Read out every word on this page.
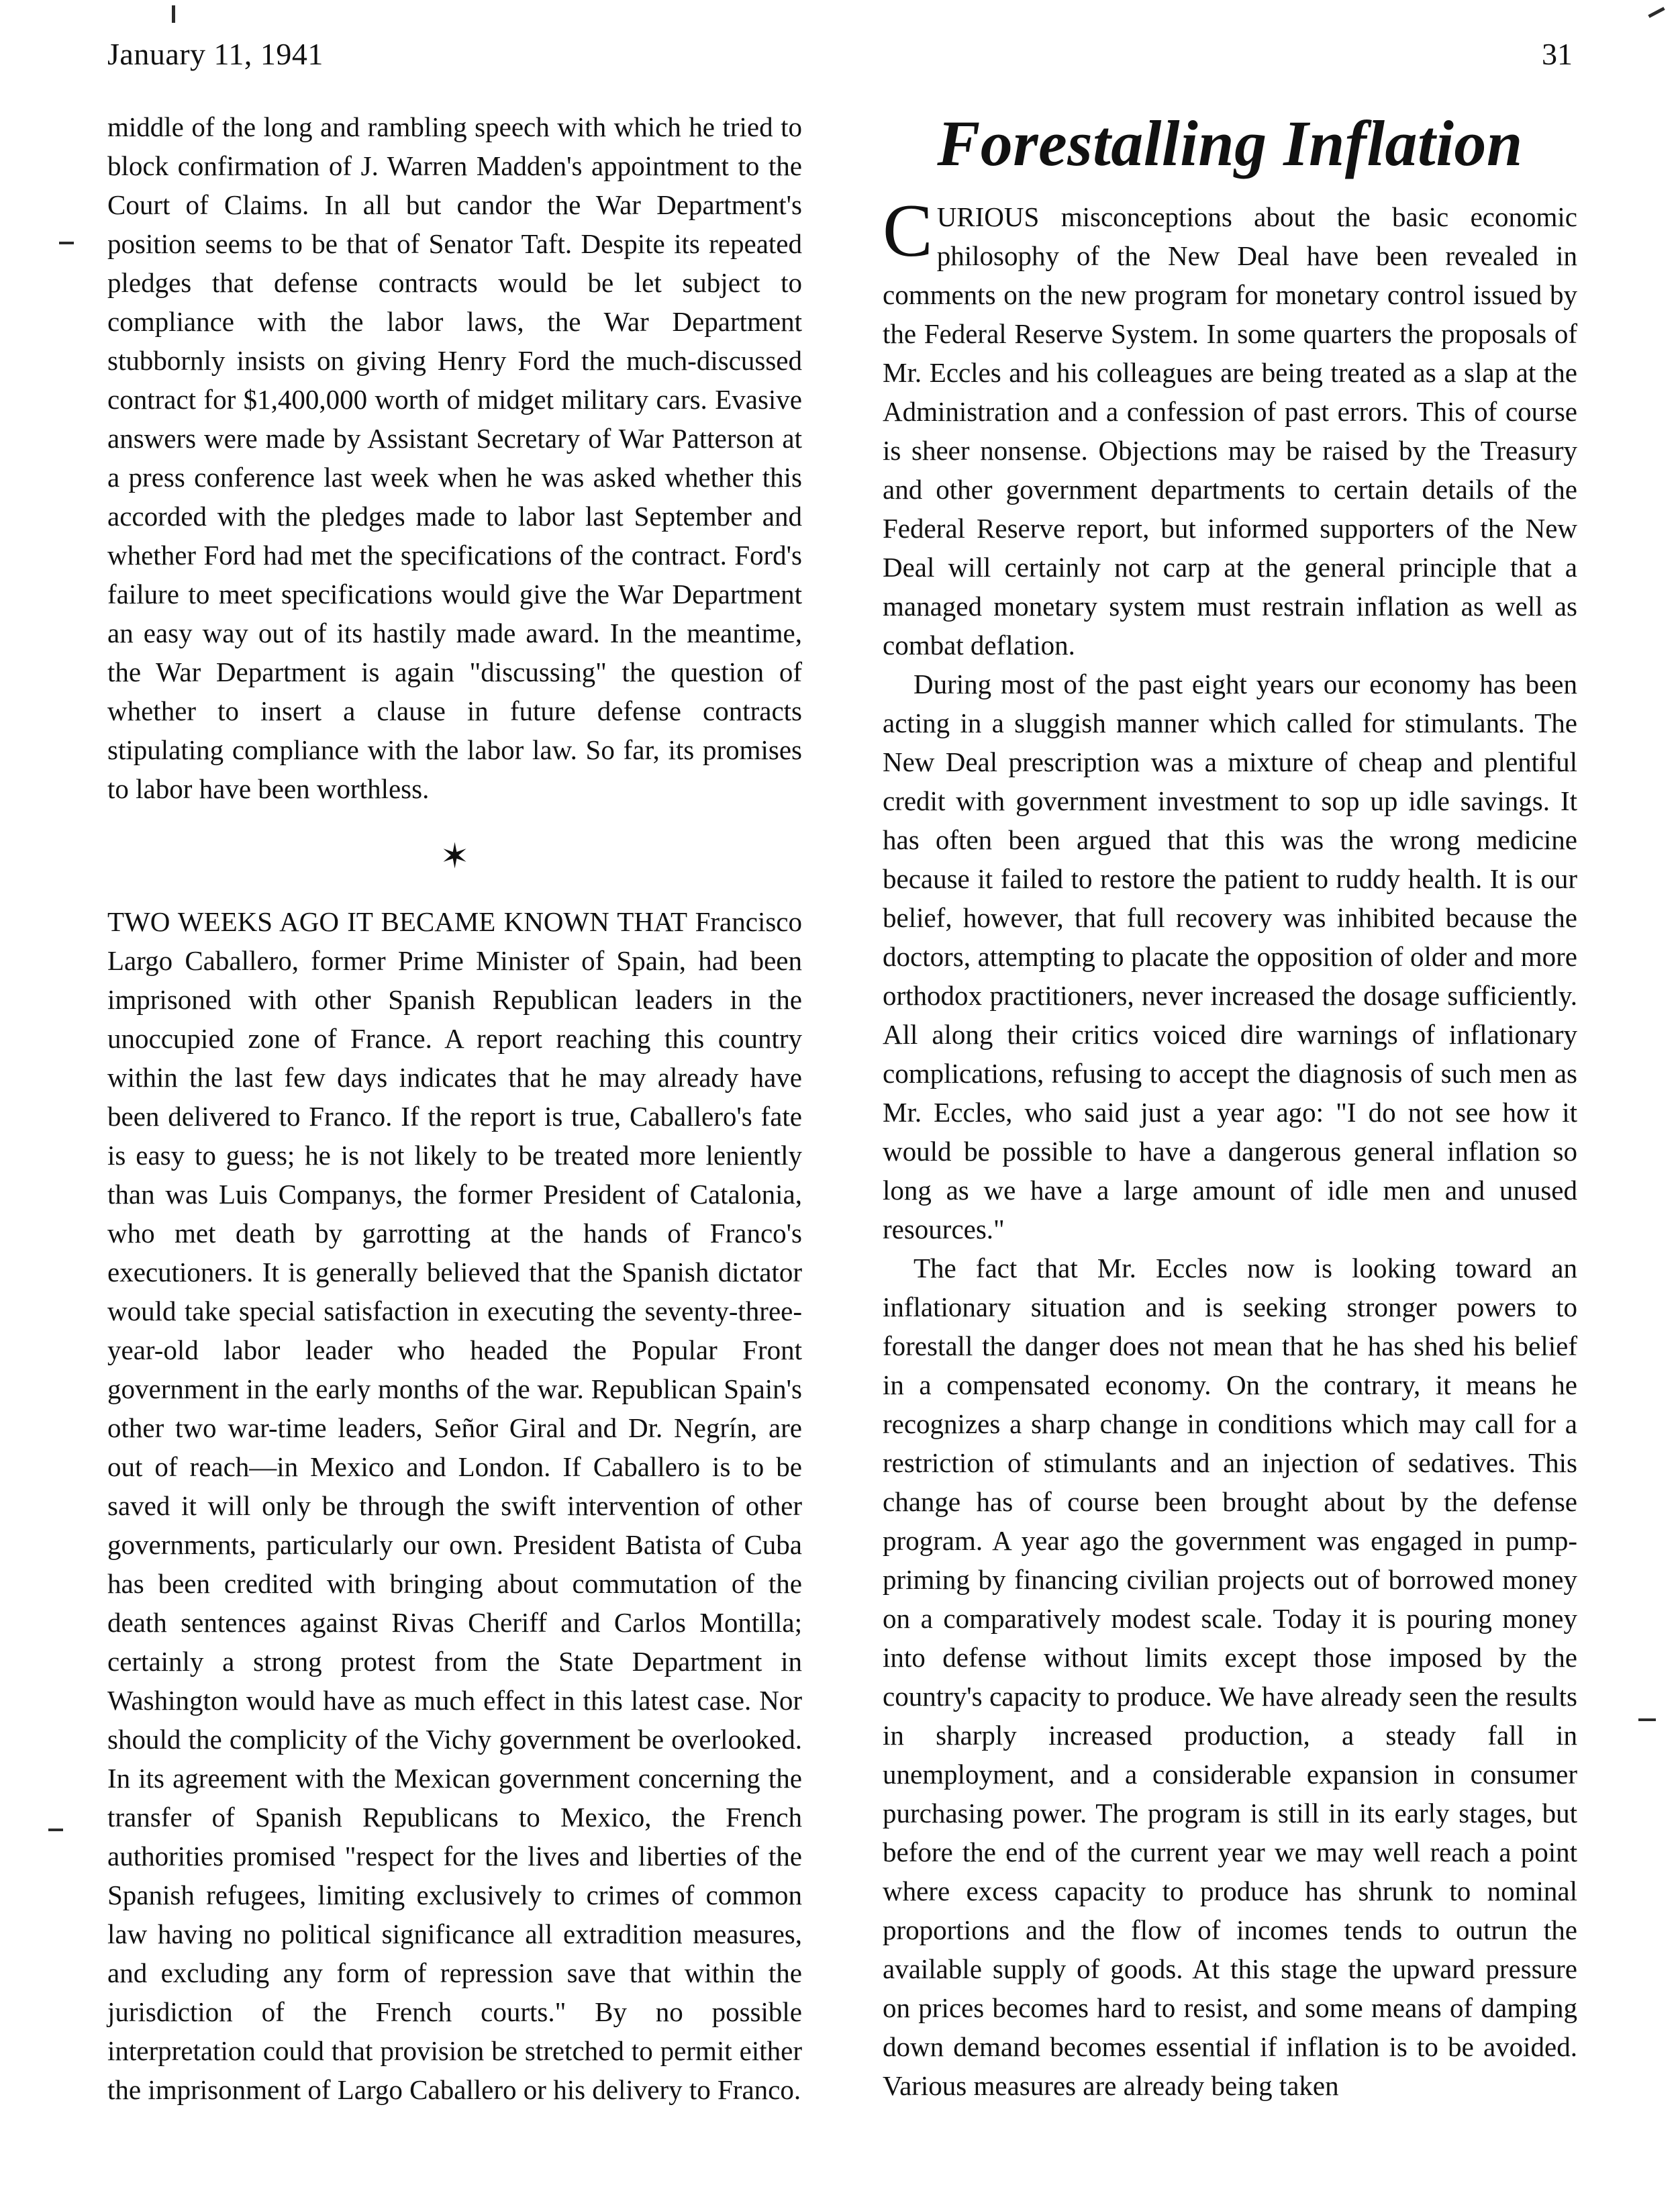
January 11, 1941	31

middle of the long and rambling speech with which he tried to block confirmation of J. Warren Madden's appointment to the Court of Claims. In all but candor the War Department's position seems to be that of Senator Taft. Despite its repeated pledges that defense contracts would be let subject to compliance with the labor laws, the War Department stubbornly insists on giving Henry Ford the much-discussed contract for $1,400,000 worth of midget military cars. Evasive answers were made by Assistant Secretary of War Patterson at a press conference last week when he was asked whether this accorded with the pledges made to labor last September and whether Ford had met the specifications of the contract. Ford's failure to meet specifications would give the War Department an easy way out of its hastily made award. In the meantime, the War Department is again "discussing" the question of whether to insert a clause in future defense contracts stipulating compliance with the labor law. So far, its promises to labor have been worthless.

✶

TWO WEEKS AGO IT BECAME KNOWN THAT Francisco Largo Caballero, former Prime Minister of Spain, had been imprisoned with other Spanish Republican leaders in the unoccupied zone of France. A report reaching this country within the last few days indicates that he may already have been delivered to Franco. If the report is true, Caballero's fate is easy to guess; he is not likely to be treated more leniently than was Luis Companys, the former President of Catalonia, who met death by garrotting at the hands of Franco's executioners. It is generally believed that the Spanish dictator would take special satisfaction in executing the seventy-three-year-old labor leader who headed the Popular Front government in the early months of the war. Republican Spain's other two war-time leaders, Señor Giral and Dr. Negrín, are out of reach—in Mexico and London. If Caballero is to be saved it will only be through the swift intervention of other governments, particularly our own. President Batista of Cuba has been credited with bringing about commutation of the death sentences against Rivas Cheriff and Carlos Montilla; certainly a strong protest from the State Department in Washington would have as much effect in this latest case. Nor should the complicity of the Vichy government be overlooked. In its agreement with the Mexican government concerning the transfer of Spanish Republicans to Mexico, the French authorities promised "respect for the lives and liberties of the Spanish refugees, limiting exclusively to crimes of common law having no political significance all extradition measures, and excluding any form of repression save that within the jurisdiction of the French courts." By no possible interpretation could that provision be stretched to permit either the imprisonment of Largo Caballero or his delivery to Franco.

Forestalling Inflation

CURIOUS misconceptions about the basic economic philosophy of the New Deal have been revealed in comments on the new program for monetary control issued by the Federal Reserve System. In some quarters the proposals of Mr. Eccles and his colleagues are being treated as a slap at the Administration and a confession of past errors. This of course is sheer nonsense. Objections may be raised by the Treasury and other government departments to certain details of the Federal Reserve report, but informed supporters of the New Deal will certainly not carp at the general principle that a managed monetary system must restrain inflation as well as combat deflation.

During most of the past eight years our economy has been acting in a sluggish manner which called for stimulants. The New Deal prescription was a mixture of cheap and plentiful credit with government investment to sop up idle savings. It has often been argued that this was the wrong medicine because it failed to restore the patient to ruddy health. It is our belief, however, that full recovery was inhibited because the doctors, attempting to placate the opposition of older and more orthodox practitioners, never increased the dosage sufficiently. All along their critics voiced dire warnings of inflationary complications, refusing to accept the diagnosis of such men as Mr. Eccles, who said just a year ago: "I do not see how it would be possible to have a dangerous general inflation so long as we have a large amount of idle men and unused resources."

The fact that Mr. Eccles now is looking toward an inflationary situation and is seeking stronger powers to forestall the danger does not mean that he has shed his belief in a compensated economy. On the contrary, it means he recognizes a sharp change in conditions which may call for a restriction of stimulants and an injection of sedatives. This change has of course been brought about by the defense program. A year ago the government was engaged in pump-priming by financing civilian projects out of borrowed money on a comparatively modest scale. Today it is pouring money into defense without limits except those imposed by the country's capacity to produce. We have already seen the results in sharply increased production, a steady fall in unemployment, and a considerable expansion in consumer purchasing power. The program is still in its early stages, but before the end of the current year we may well reach a point where excess capacity to produce has shrunk to nominal proportions and the flow of incomes tends to outrun the available supply of goods. At this stage the upward pressure on prices becomes hard to resist, and some means of damping down demand becomes essential if inflation is to be avoided. Various measures are already being taken
